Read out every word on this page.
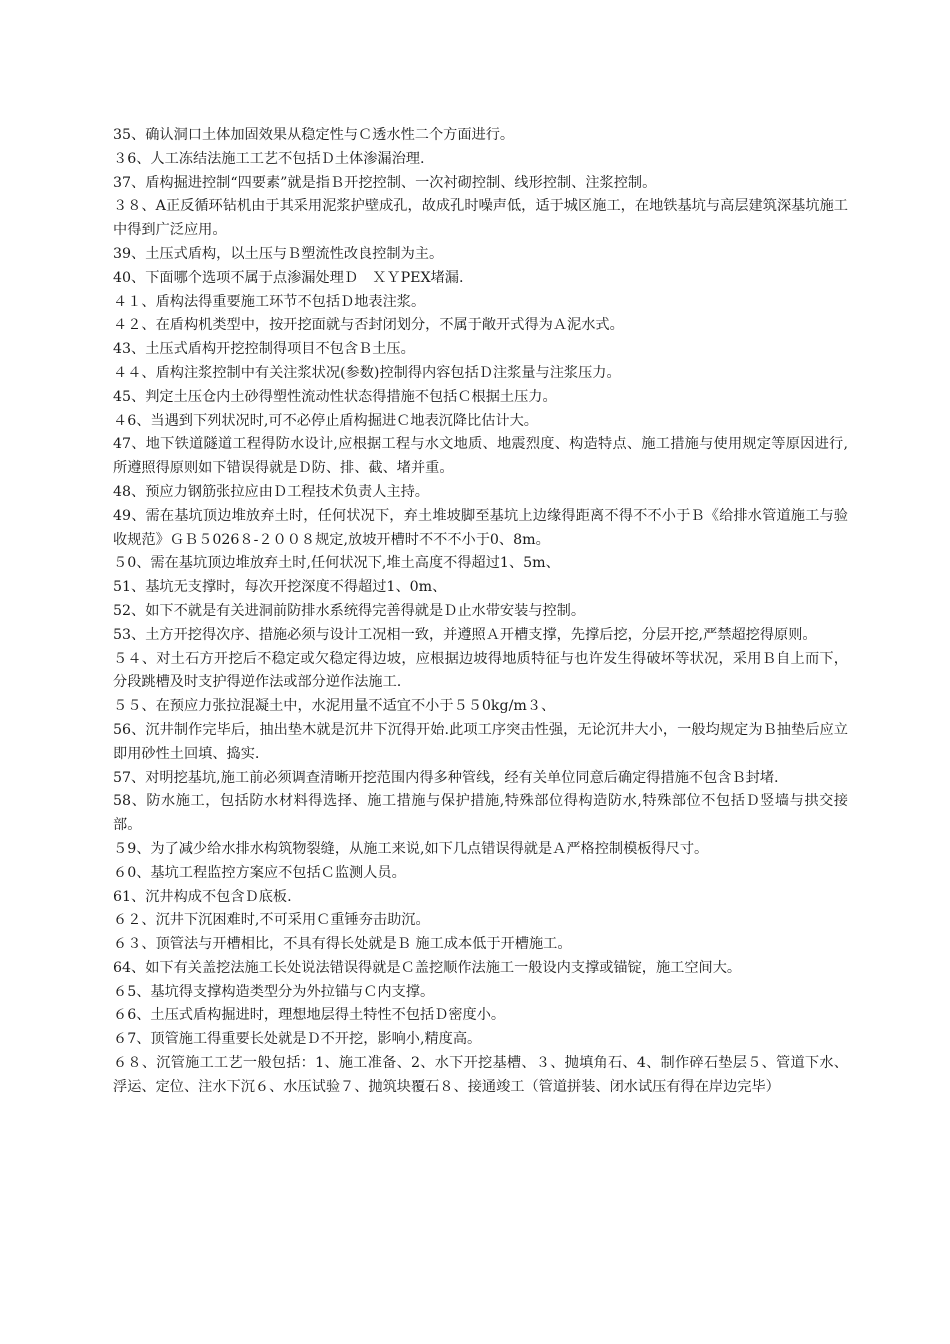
35、确认洞口土体加固效果从稳定性与Ｃ透水性二个方面进行。

３6、人工冻结法施工工艺不包括Ｄ土体渗漏治理.

37、盾构掘进控制“四要素”就是指Ｂ开挖控制、一次衬砌控制、线形控制、注浆控制。

３８、A正反循环钻机由于其采用泥浆护壁成孔，故成孔时噪声低，适于城区施工，在地铁基坑与高层建筑深基坑施工中得到广泛应用。

39、土压式盾构，以土压与Ｂ塑流性改良控制为主。

40、下面哪个选项不属于点渗漏处理Ｄ　ＸＹPEX堵漏.

４１、盾构法得重要施工环节不包括Ｄ地表注浆。

４２、在盾构机类型中，按开挖面就与否封闭划分，不属于敞开式得为Ａ泥水式。

43、土压式盾构开挖控制得项目不包含Ｂ土压。

４４、盾构注浆控制中有关注浆状况(参数)控制得内容包括Ｄ注浆量与注浆压力。

45、判定土压仓内土砂得塑性流动性状态得措施不包括Ｃ根据土压力。

４6、当遇到下列状况时,可不必停止盾构掘进Ｃ地表沉降比估计大。

47、地下铁道隧道工程得防水设计,应根据工程与水文地质、地震烈度、构造特点、施工措施与使用规定等原因进行,所遵照得原则如下错误得就是Ｄ防、排、截、堵并重。

48、预应力钢筋张拉应由Ｄ工程技术负责人主持。

49、需在基坑顶边堆放弃土时，任何状况下，弃土堆坡脚至基坑上边缘得距离不得不不小于Ｂ《给排水管道施工与验收规范》ＧＢ５026８-２００８规定,放坡开槽时不不不小于0、8m。

５0、需在基坑顶边堆放弃土时,任何状况下,堆土高度不得超过1、5m、

51、基坑无支撑时，每次开挖深度不得超过1、0m、

52、如下不就是有关进洞前防排水系统得完善得就是Ｄ止水带安装与控制。

53、土方开挖得次序、措施必须与设计工况相一致，并遵照Ａ开槽支撑，先撑后挖，分层开挖,严禁超挖得原则。

５４、对土石方开挖后不稳定或欠稳定得边坡，应根据边坡得地质特征与也许发生得破坏等状况，采用Ｂ自上而下，分段跳槽及时支护得逆作法或部分逆作法施工.

５５、在预应力张拉混凝土中，水泥用量不适宜不小于５５0kg/m３、

56、沉井制作完毕后，抽出垫木就是沉井下沉得开始.此项工序突击性强，无论沉井大小，一般均规定为Ｂ抽垫后应立即用砂性土回填、捣实.

57、对明挖基坑,施工前必须调查清晰开挖范围内得多种管线，经有关单位同意后确定得措施不包含Ｂ封堵.

58、防水施工，包括防水材料得选择、施工措施与保护措施,特殊部位得构造防水,特殊部位不包括Ｄ竖墙与拱交接部。

５9、为了减少给水排水构筑物裂缝，从施工来说,如下几点错误得就是Ａ严格控制模板得尺寸。

６0、基坑工程监控方案应不包括Ｃ监测人员。

61、沉井构成不包含Ｄ底板.

６２、沉井下沉困难时,不可采用Ｃ重锤夯击助沉。

６３、顶管法与开槽相比，不具有得长处就是Ｂ 施工成本低于开槽施工。

64、如下有关盖挖法施工长处说法错误得就是Ｃ盖挖顺作法施工一般设内支撑或锚锭，施工空间大。

６5、基坑得支撑构造类型分为外拉锚与Ｃ内支撑。

６6、土压式盾构掘进时，理想地层得土特性不包括Ｄ密度小。

６7、顶管施工得重要长处就是Ｄ不开挖，影响小,精度高。

６８、沉管施工工艺一般包括：1、施工准备、2、水下开挖基槽、３、抛填角石、4、制作碎石垫层５、管道下水、浮运、定位、注水下沉６、水压试验７、抛筑块覆石８、接通竣工（管道拼装、闭水试压有得在岸边完毕）
